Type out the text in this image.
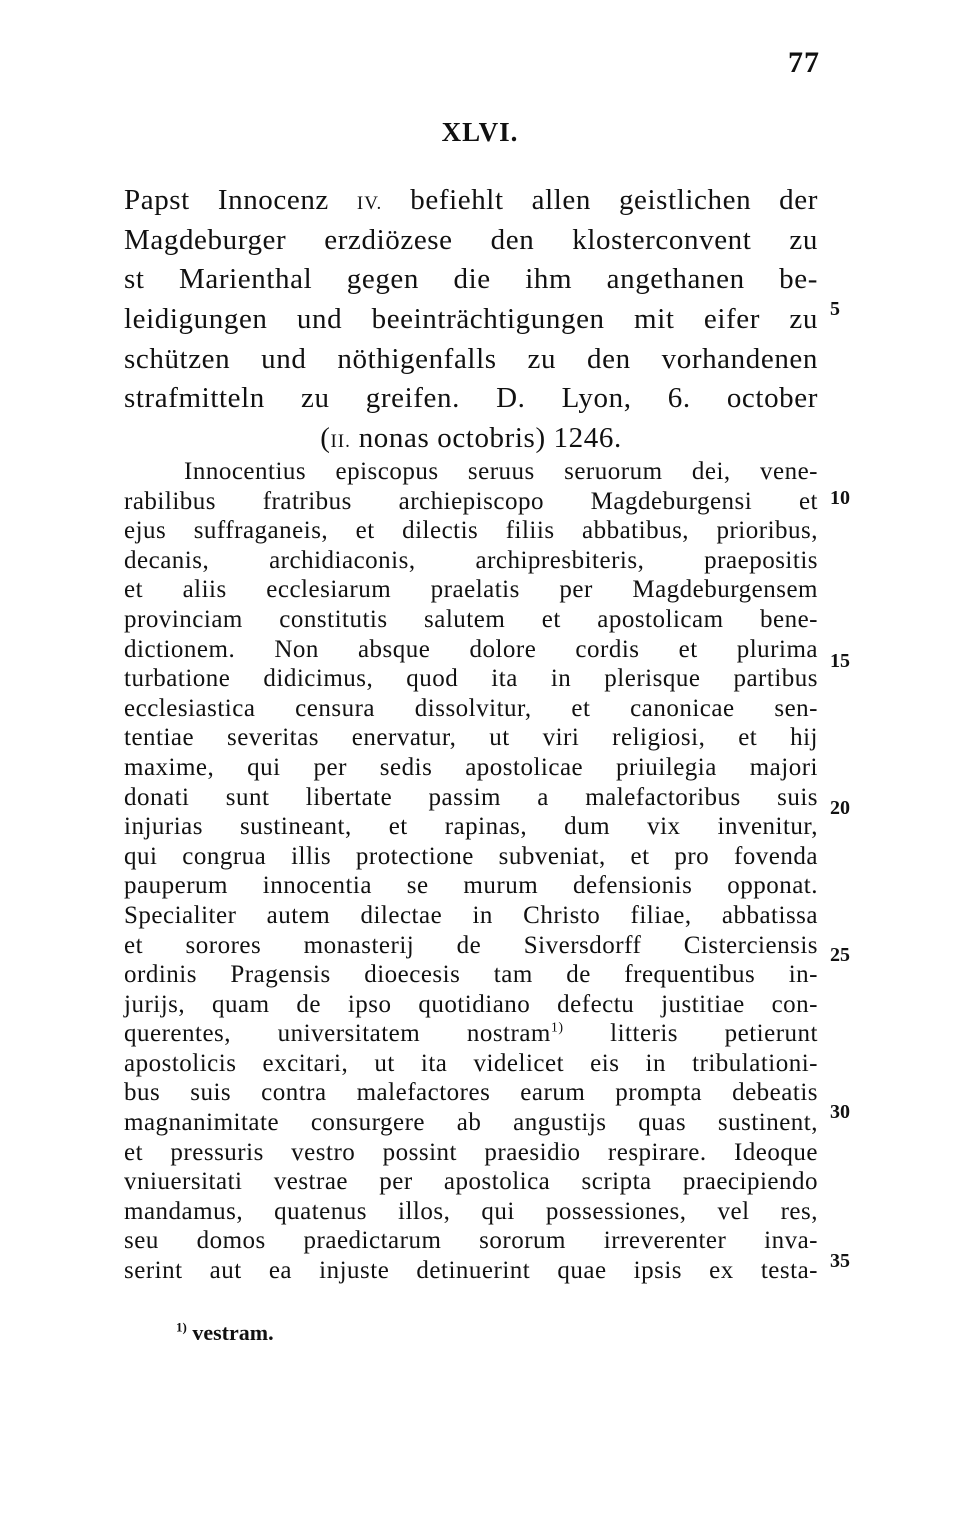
77
XLVI.
Papst Innocenz IV. befiehlt allen geistlichen der
Magdeburger erzdiözese den klosterconvent zu
st Marienthal gegen die ihm angethanen be-
leidigungen und beeinträchtigungen mit eifer zu
schützen und nöthigenfalls zu den vorhandenen
strafmitteln zu greifen. D. Lyon, 6. october
(II. nonas octobris) 1246.
Innocentius episcopus seruus seruorum dei, vene-
rabilibus fratribus archiepiscopo Magdeburgensi et
ejus suffraganeis, et dilectis filiis abbatibus, prioribus,
decanis, archidiaconis, archipresbiteris, praepositis
et aliis ecclesiarum praelatis per Magdeburgensem
provinciam constitutis salutem et apostolicam bene-
dictionem. Non absque dolore cordis et plurima
turbatione didicimus, quod ita in plerisque partibus
ecclesiastica censura dissolvitur, et canonicae sen-
tentiae severitas enervatur, ut viri religiosi, et hij
maxime, qui per sedis apostolicae priuilegia majori
donati sunt libertate passim a malefactoribus suis
injurias sustineant, et rapinas, dum vix invenitur,
qui congrua illis protectione subveniat, et pro fovenda
pauperum innocentia se murum defensionis opponat.
Specialiter autem dilectae in Christo filiae, abbatissa
et sorores monasterij de Siversdorff Cisterciensis
ordinis Pragensis dioecesis tam de frequentibus in-
jurijs, quam de ipso quotidiano defectu justitiae con-
querentes, universitatem nostram$^{1)}$ litteris petierunt
apostolicis excitari, ut ita videlicet eis in tribulationi-
bus suis contra malefactores earum prompta debeatis
magnanimitate consurgere ab angustijs quas sustinent,
et pressuris vestro possint praesidio respirare. Ideoque
vniuersitati vestrae per apostolica scripta praecipiendo
mandamus, quatenus illos, qui possessiones, vel res,
seu domos praedictarum sororum irreverenter inva-
serint aut ea injuste detinuerint quae ipsis ex testa-
5
10
15
20
25
30
35
$^{1)}$ vestram.
